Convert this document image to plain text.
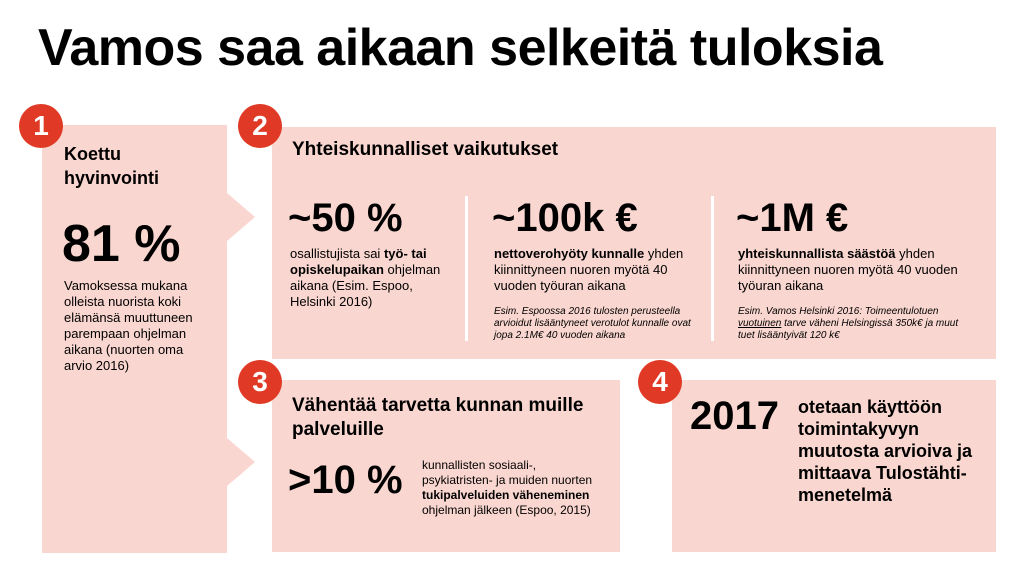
Vamos saa aikaan selkeitä tuloksia
Koettu hyvinvointi
81 %
Vamoksessa mukana olleista nuorista koki elämänsä muuttuneen parempaan ohjelman aikana (nuorten oma arvio 2016)
1
Yhteiskunnalliset vaikutukset
~50 %
osallistujista sai työ- tai opiskelupaikan ohjelman aikana (Esim. Espoo, Helsinki 2016)
~100k €
nettoverohyöty kunnalle yhden kiinnittyneen nuoren myötä 40 vuoden työuran aikana
Esim. Espoossa 2016 tulosten perusteella arvioidut lisääntyneet verotulot kunnalle ovat jopa 2.1M€ 40 vuoden aikana
~1M €
yhteiskunnallista säästöä yhden kiinnittyneen nuoren myötä 40 vuoden työuran aikana
Esim. Vamos Helsinki 2016: Toimeentulotuen vuotuinen tarve väheni Helsingissä 350k€ ja muut tuet lisääntyivät 120 k€
2
Vähentää tarvetta kunnan muille palveluille
>10 % kunnallisten sosiaali-, psykiatristen- ja muiden nuorten tukipalveluiden väheneminen ohjelman jälkeen (Espoo, 2015)
3
2017 otetaan käyttöön toimintakyvyn muutosta arvioiva ja mittaava Tulostähti-menetelmä
4
